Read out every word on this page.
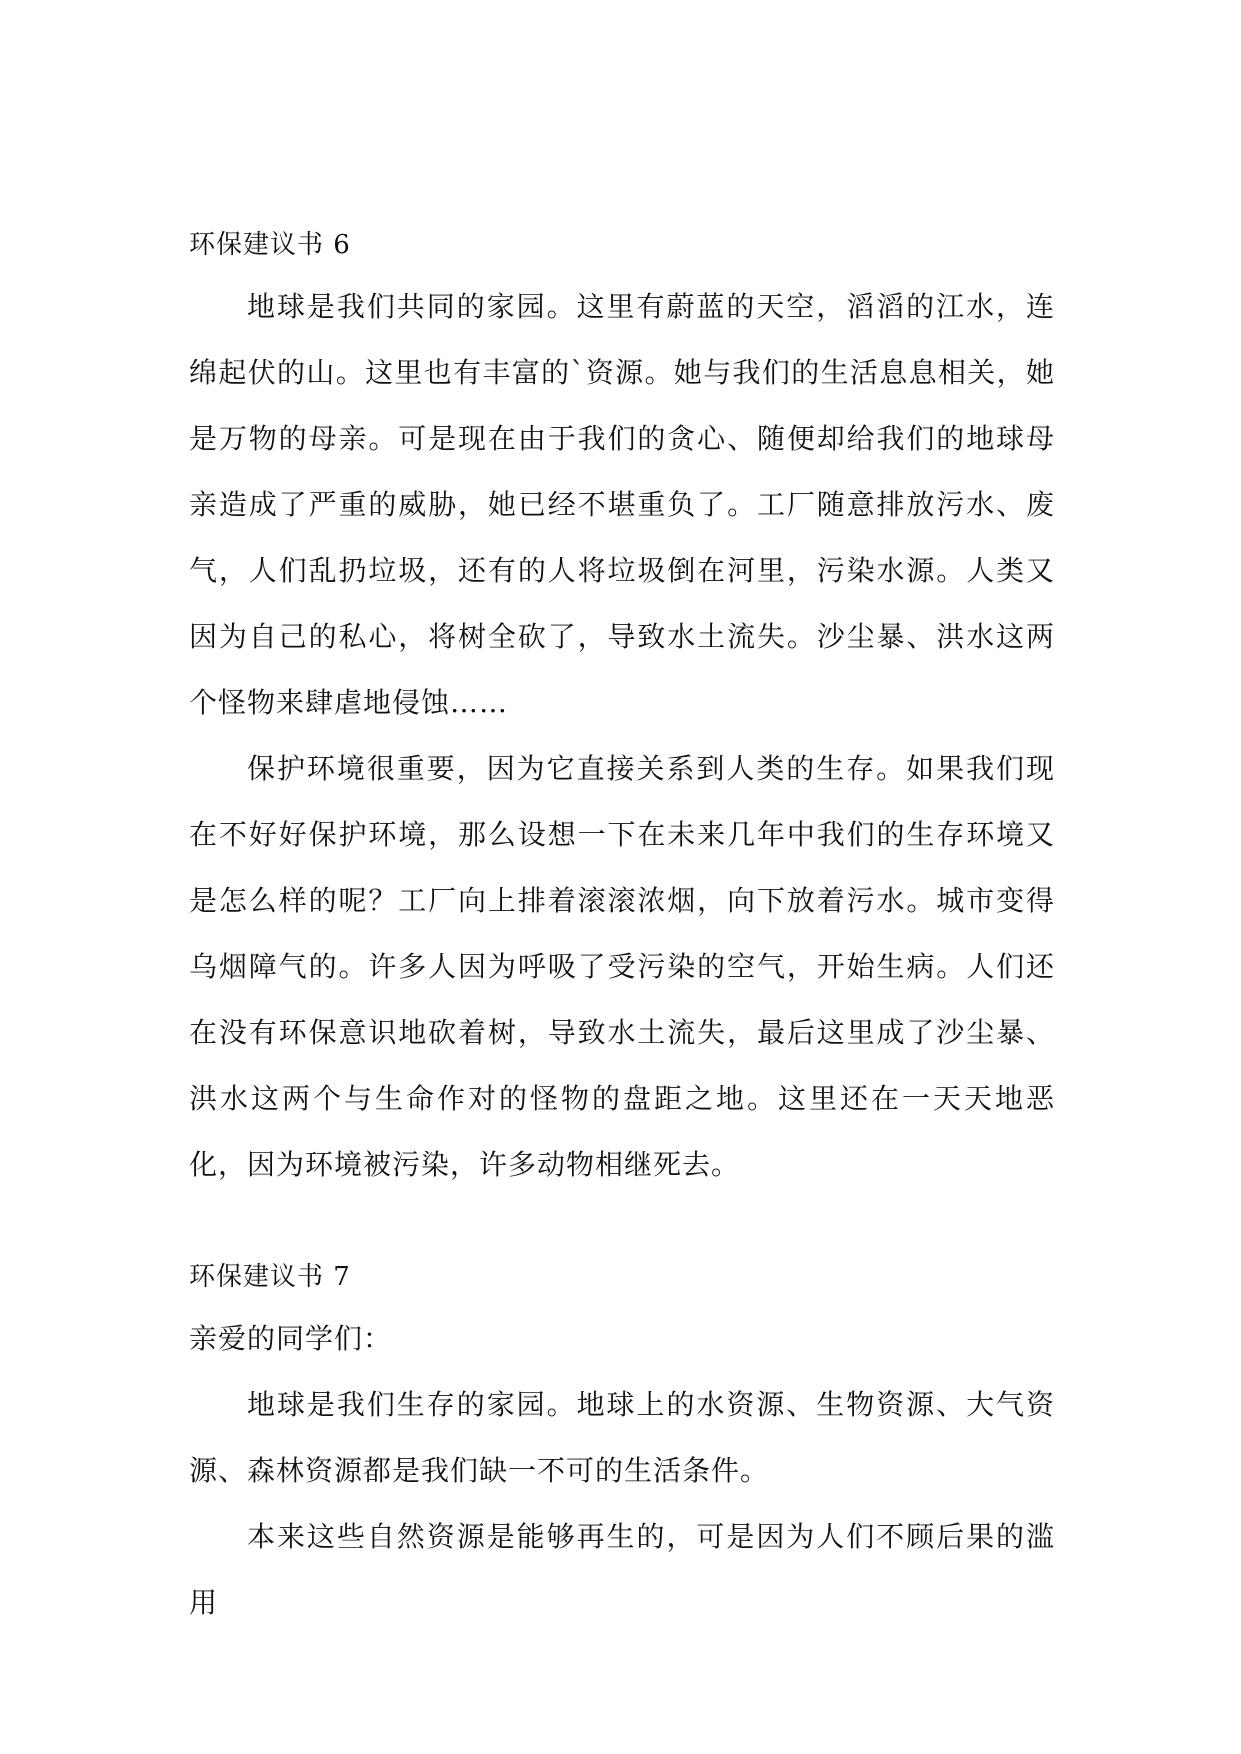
环保建议书 6

地球是我们共同的家园。这里有蔚蓝的天空，滔滔的江水，连绵起伏的山。这里也有丰富的`资源。她与我们的生活息息相关，她是万物的母亲。可是现在由于我们的贪心、随便却给我们的地球母亲造成了严重的威胁，她已经不堪重负了。工厂随意排放污水、废气，人们乱扔垃圾，还有的人将垃圾倒在河里，污染水源。人类又因为自己的私心，将树全砍了，导致水土流失。沙尘暴、洪水这两个怪物来肆虐地侵蚀……

保护环境很重要，因为它直接关系到人类的生存。如果我们现在不好好保护环境，那么设想一下在未来几年中我们的生存环境又是怎么样的呢？工厂向上排着滚滚浓烟，向下放着污水。城市变得乌烟障气的。许多人因为呼吸了受污染的空气，开始生病。人们还在没有环保意识地砍着树，导致水土流失，最后这里成了沙尘暴、洪水这两个与生命作对的怪物的盘距之地。这里还在一天天地恶化，因为环境被污染，许多动物相继死去。

环保建议书 7

亲爱的同学们：

地球是我们生存的家园。地球上的水资源、生物资源、大气资源、森林资源都是我们缺一不可的生活条件。

本来这些自然资源是能够再生的，可是因为人们不顾后果的滥用
